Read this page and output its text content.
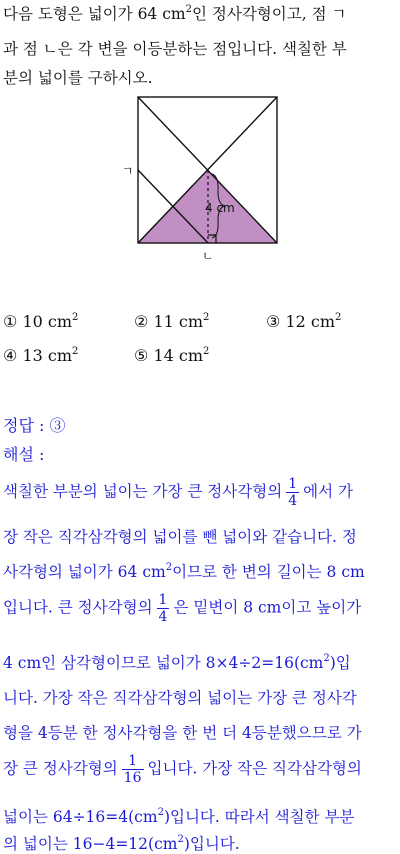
다음 도형은 넓이가 64 $cm^2$인 정사각형이고, 점 ㄱ
과 점 ㄴ은 각 변을 이등분하는 점입니다. 색칠한 부
분의 넓이를 구하시오.
4 cm
ㄱ
ㄴ
① 10 $cm^2$	② 11 $cm^2$	③ 12 $cm^2$
④ 13 $cm^2$	⑤ 14 $cm^2$
정답 : ③
해설 :
색칠한 부분의 넓이는 가장 큰 정사각형의 $\frac{1}{4}$ 에서 가
장 작은 직각삼각형의 넓이를 뺀 넓이와 같습니다. 정
사각형의 넓이가 64 $cm^2$이므로 한 변의 길이는 8 cm
입니다. 큰 정사각형의 $\frac{1}{4}$ 은 밑변이 8 cm이고 높이가
4 cm인 삼각형이므로 넓이가 $8\times 4\div 2=16(cm^2)$입
니다. 가장 작은 직각삼각형의 넓이는 가장 큰 정사각
형을 4등분 한 정사각형을 한 번 더 4등분했으므로 가
장 큰 정사각형의 $\frac{1}{16}$ 입니다. 가장 작은 직각삼각형의
넓이는 $64\div 16=4(cm^2)$입니다. 따라서 색칠한 부분
의 넓이는 $16-4=12(cm^2)$입니다.
